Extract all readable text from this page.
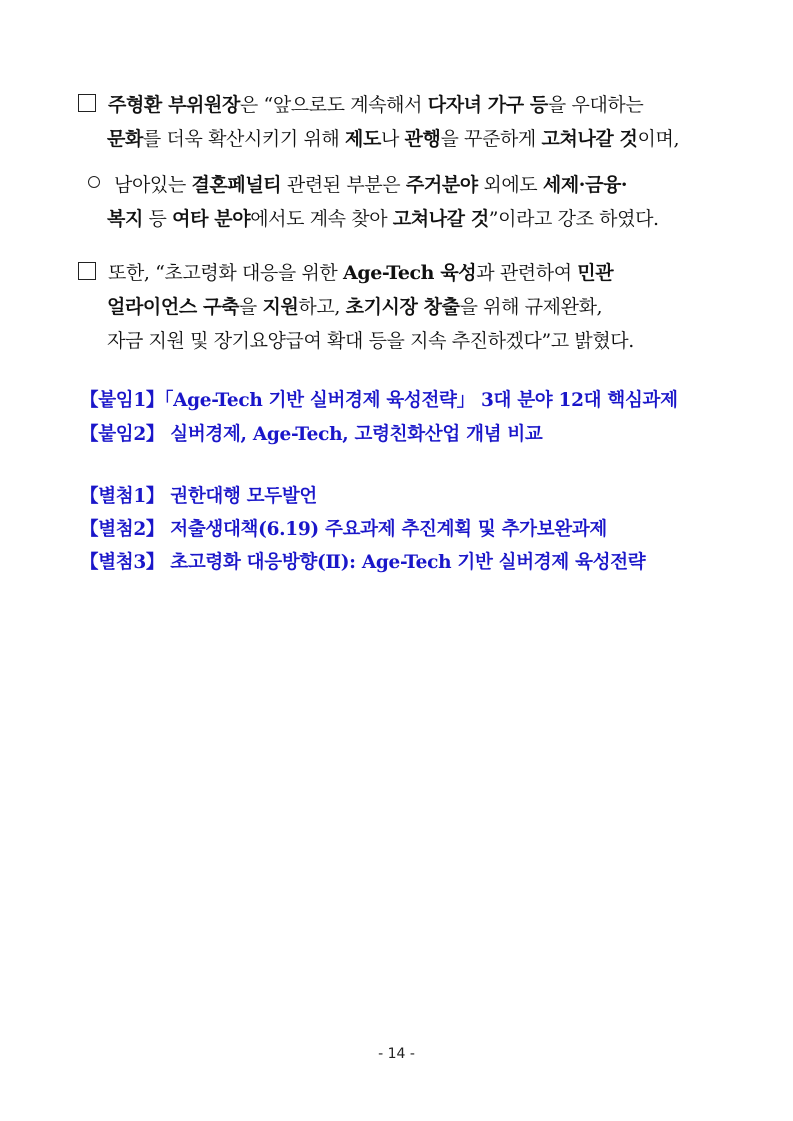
주형환 부위원장은 “앞으로도 계속해서 다자녀 가구 등을 우대하는
문화를 더욱 확산시키기 위해 제도나 관행을 꾸준하게 고쳐나갈 것이며,
남아있는 결혼페널티 관련된 부분은 주거분야 외에도 세제·금융·
복지 등 여타 분야에서도 계속 찾아 고쳐나갈 것”이라고 강조 하였다.
또한, “초고령화 대응을 위한 Age-Tech 육성과 관련하여 민관
얼라이언스 구축을 지원하고, 초기시장 창출을 위해 규제완화,
자금 지원 및 장기요양급여 확대 등을 지속 추진하겠다”고 밝혔다.
【붙임1】「Age-Tech 기반 실버경제 육성전략」 3대 분야 12대 핵심과제
【붙임2】 실버경제, Age-Tech, 고령친화산업 개념 비교
【별첨1】 권한대행 모두발언
【별첨2】 저출생대책(6.19) 주요과제 추진계획 및 추가보완과제
【별첨3】 초고령화 대응방향(Ⅱ): Age-Tech 기반 실버경제 육성전략
- 14 -
